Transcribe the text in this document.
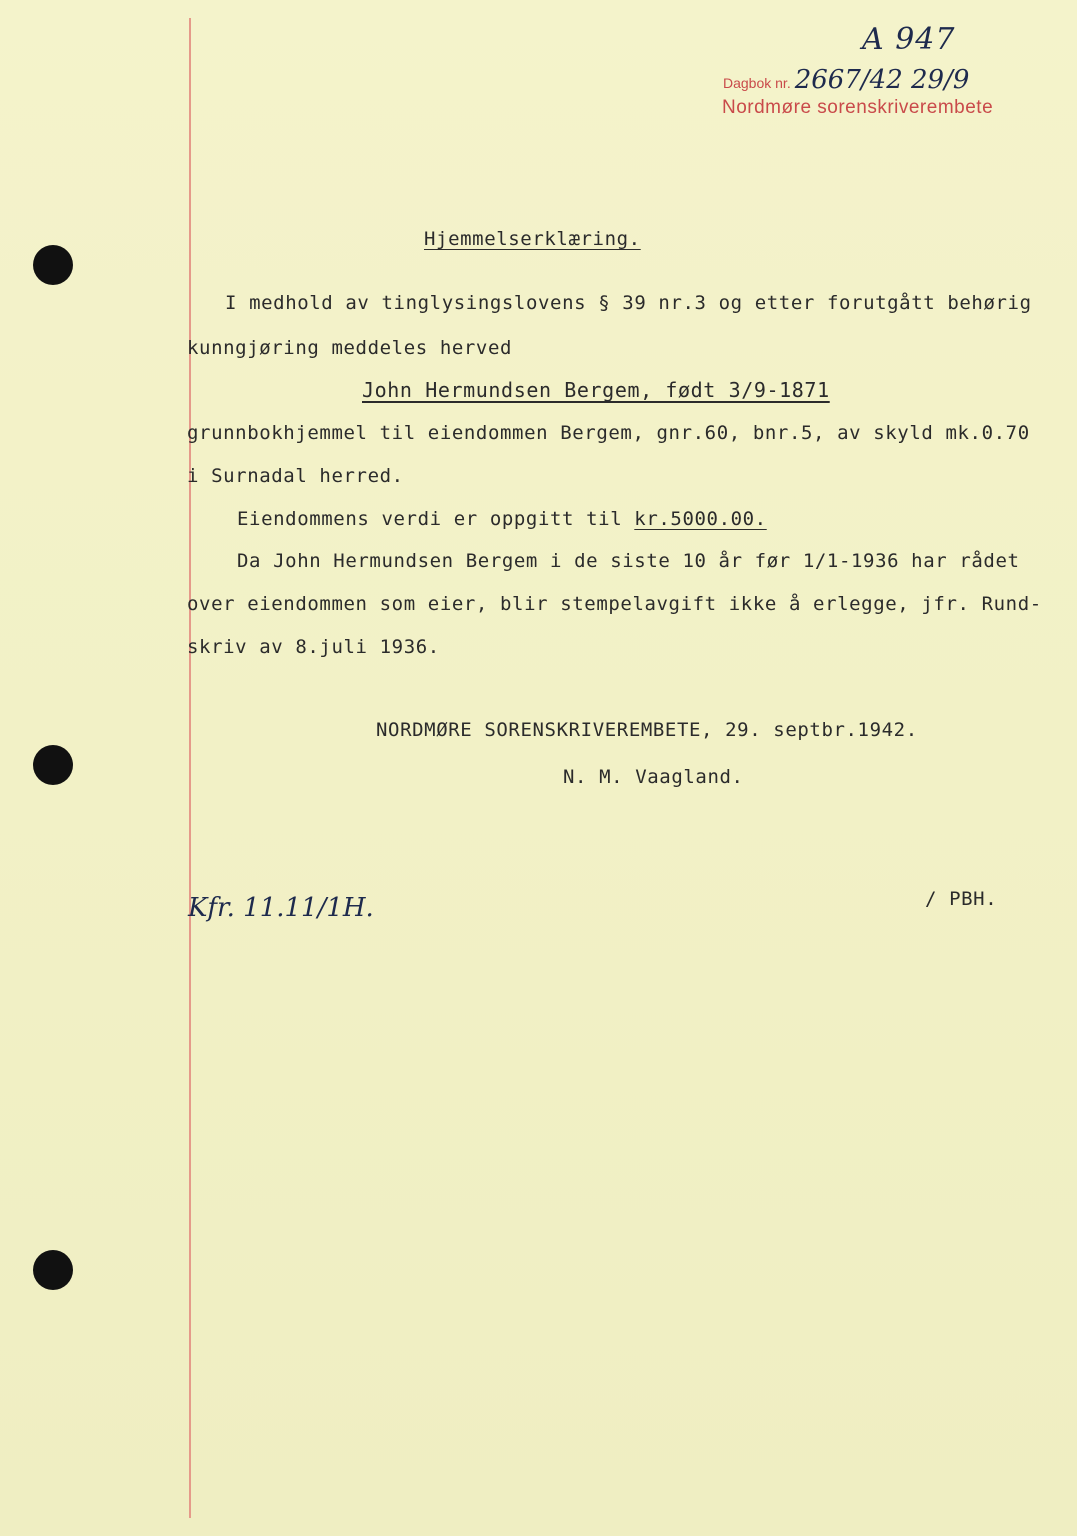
A 947
Dagbok nr. 2667/42 29/9
Nordmøre sorenskriverembete
Hjemmelserklæring.
I medhold av tinglysingslovens § 39 nr.3 og etter forutgått behørig
kunngjøring meddeles herved
John Hermundsen Bergem, født 3/9-1871
grunnbokhjemmel til eiendommen Bergem, gnr.60, bnr.5, av skyld mk.0.70
i Surnadal herred.
Eiendommens verdi er oppgitt til kr.5000.00.
Da John Hermundsen Bergem i de siste 10 år før 1/1-1936 har rådet
over eiendommen som eier, blir stempelavgift ikke å erlegge, jfr. Rund-
skriv av 8.juli 1936.
NORDMØRE SORENSKRIVEREMBETE, 29. septbr.1942.
N. M. Vaagland.
/ PBH.
Kfr. 11.11/1H.
